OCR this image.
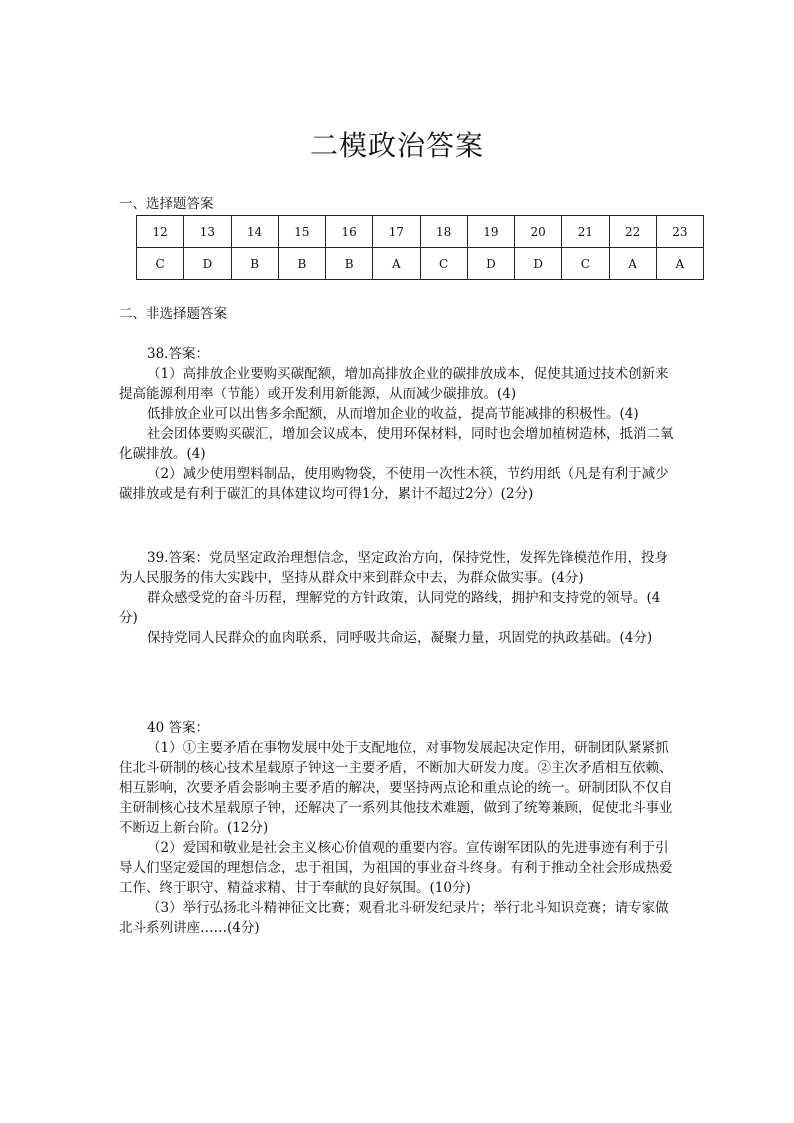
二模政治答案

一、选择题答案

12	13	14	15	16	17	18	19	20	21	22	23
C	D	B	B	B	A	C	D	D	C	A	A

二、非选择题答案

38.答案：

（1）高排放企业要购买碳配额，增加高排放企业的碳排放成本，促使其通过技术创新来提高能源利用率（节能）或开发利用新能源，从而减少碳排放。(4)

低排放企业可以出售多余配额，从而增加企业的收益，提高节能减排的积极性。(4)

社会团体要购买碳汇，增加会议成本，使用环保材料，同时也会增加植树造林，抵消二氧化碳排放。(4)

（2）减少使用塑料制品，使用购物袋，不使用一次性木筷，节约用纸（凡是有利于减少碳排放或是有利于碳汇的具体建议均可得1分，累计不超过2分）(2分)

39.答案：党员坚定政治理想信念，坚定政治方向，保持党性，发挥先锋模范作用，投身为人民服务的伟大实践中，坚持从群众中来到群众中去，为群众做实事。(4分)

群众感受党的奋斗历程，理解党的方针政策，认同党的路线，拥护和支持党的领导。(4分)

保持党同人民群众的血肉联系，同呼吸共命运，凝聚力量，巩固党的执政基础。(4分)

40 答案：

（1）①主要矛盾在事物发展中处于支配地位，对事物发展起决定作用，研制团队紧紧抓住北斗研制的核心技术星载原子钟这一主要矛盾，不断加大研发力度。②主次矛盾相互依赖、相互影响，次要矛盾会影响主要矛盾的解决，要坚持两点论和重点论的统一。研制团队不仅自主研制核心技术星载原子钟，还解决了一系列其他技术难题，做到了统筹兼顾，促使北斗事业不断迈上新台阶。(12分)

（2）爱国和敬业是社会主义核心价值观的重要内容。宣传谢军团队的先进事迹有利于引导人们坚定爱国的理想信念，忠于祖国，为祖国的事业奋斗终身。有利于推动全社会形成热爱工作、终于职守、精益求精、甘于奉献的良好氛围。(10分)

（3）举行弘扬北斗精神征文比赛；观看北斗研发纪录片；举行北斗知识竞赛；请专家做北斗系列讲座……(4分)
